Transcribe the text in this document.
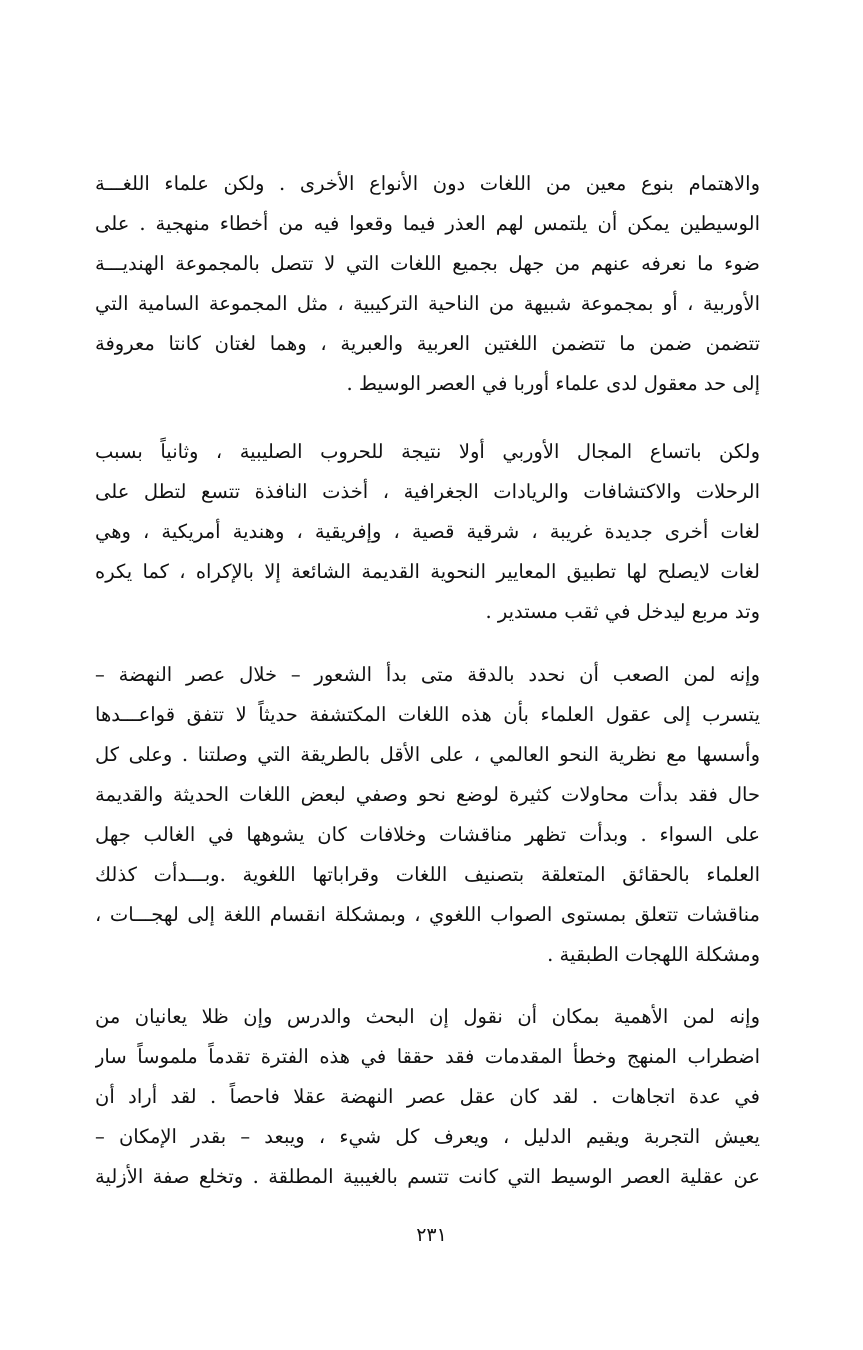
والاهتمام بنوع معين من اللغات دون الأنواع الأخرى . ولكن علماء اللغـــة
الوسيطين يمكن أن يلتمس لهم العذر فيما وقعوا فيه من أخطاء منهجية . على
ضوء ما نعرفه عنهم من جهل بجميع اللغات التي لا تتصل بالمجموعة الهنديـــة
الأوربية ، أو بمجموعة شبيهة من الناحية التركيبية ، مثل المجموعة السامية التي
تتضمن ضمن ما تتضمن اللغتين العربية والعبرية ، وهما لغتان كانتا معروفة
إلى حد معقول لدى علماء أوربا في العصر الوسيط .
ولكن باتساع المجال الأوربي أولا نتيجة للحروب الصليبية ، وثانياً بسبب
الرحلات والاكتشافات والريادات الجغرافية ، أخذت النافذة تتسع لتطل على
لغات أخرى جديدة غريبة ، شرقية قصية ، وإفريقية ، وهندية أمريكية ، وهي
لغات لايصلح لها تطبيق المعايير النحوية القديمة الشائعة إلا بالإكراه ، كما يكره
وتد مربع ليدخل في ثقب مستدير .
وإنه لمن الصعب أن نحدد بالدقة متى بدأ الشعور – خلال عصر النهضة –
يتسرب إلى عقول العلماء بأن هذه اللغات المكتشفة حديثاً لا تتفق قواعـــدها
وأسسها مع نظرية النحو العالمي ، على الأقل بالطريقة التي وصلتنا . وعلى كل
حال فقد بدأت محاولات كثيرة لوضع نحو وصفي لبعض اللغات الحديثة والقديمة
على السواء . وبدأت تظهر مناقشات وخلافات كان يشوهها في الغالب جهل
العلماء بالحقائق المتعلقة بتصنيف اللغات وقراباتها اللغوية .وبـــدأت كذلك
مناقشات تتعلق بمستوى الصواب اللغوي ، وبمشكلة انقسام اللغة إلى لهجـــات ،
ومشكلة اللهجات الطبقية .
وإنه لمن الأهمية بمكان أن نقول إن البحث والدرس وإن ظلا يعانيان من
اضطراب المنهج وخطأ المقدمات فقد حققا في هذه الفترة تقدماً ملموساً سار
في عدة اتجاهات . لقد كان عقل عصر النهضة عقلا فاحصاً . لقد أراد أن
يعيش التجربة ويقيم الدليل ، ويعرف كل شيء ، ويبعد – بقدر الإمكان –
عن عقلية العصر الوسيط التي كانت تتسم بالغيبية المطلقة . وتخلع صفة الأزلية
٢٣١
